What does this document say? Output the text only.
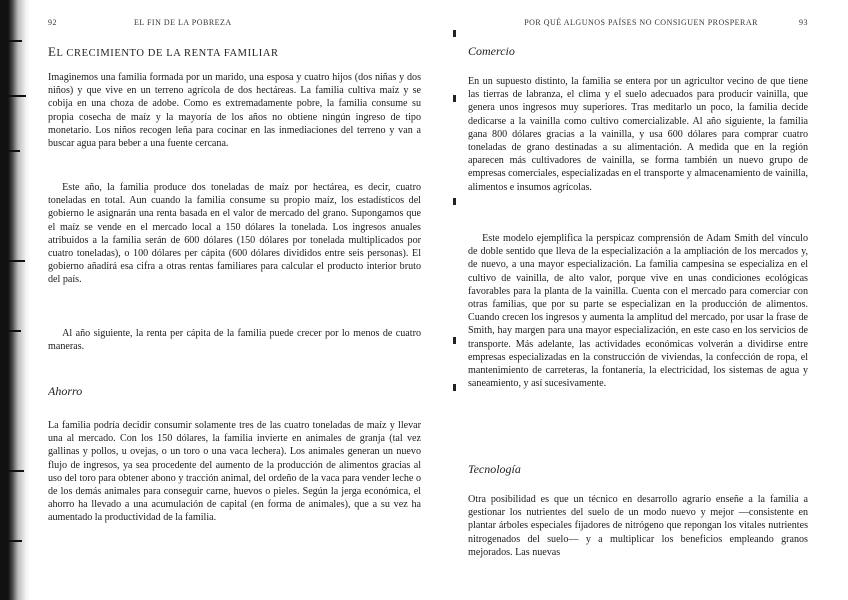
92	EL FIN DE LA POBREZA
EL CRECIMIENTO DE LA RENTA FAMILIAR

Imaginemos una familia formada por un marido, una esposa y cuatro hijos (dos niñas y dos niños) y que vive en un terreno agrícola de dos hectáreas. La familia cultiva maíz y se cobija en una choza de adobe. Como es extremadamente pobre, la familia consume su propia cosecha de maíz y la mayoría de los años no obtiene ningún ingreso de tipo monetario. Los niños recogen leña para cocinar en las inmediaciones del terreno y van a buscar agua para beber a una fuente cercana.

Este año, la familia produce dos toneladas de maíz por hectárea, es decir, cuatro toneladas en total. Aun cuando la familia consume su propio maíz, los estadísticos del gobierno le asignarán una renta basada en el valor de mercado del grano. Supongamos que el maíz se vende en el mercado local a 150 dólares la tonelada. Los ingresos anuales atribuidos a la familia serán de 600 dólares (150 dólares por tonelada multiplicados por cuatro toneladas), o 100 dólares per cápita (600 dólares divididos entre seis personas). El gobierno añadirá esa cifra a otras rentas familiares para calcular el producto interior bruto del país.

Al año siguiente, la renta per cápita de la familia puede crecer por lo menos de cuatro maneras.

Ahorro

La familia podría decidir consumir solamente tres de las cuatro toneladas de maíz y llevar una al mercado. Con los 150 dólares, la familia invierte en animales de granja (tal vez gallinas y pollos, u ovejas, o un toro o una vaca lechera). Los animales generan un nuevo flujo de ingresos, ya sea procedente del aumento de la producción de alimentos gracias al uso del toro para obtener abono y tracción animal, del ordeño de la vaca para vender leche o de los demás animales para conseguir carne, huevos o pieles. Según la jerga económica, el ahorro ha llevado a una acumulación de capital (en forma de animales), que a su vez ha aumentado la productividad de la familia.

POR QUÉ ALGUNOS PAÍSES NO CONSIGUEN PROSPERAR	93
Comercio

En un supuesto distinto, la familia se entera por un agricultor vecino de que tiene las tierras de labranza, el clima y el suelo adecuados para producir vainilla, que genera unos ingresos muy superiores. Tras meditarlo un poco, la familia decide dedicarse a la vainilla como cultivo comercializable. Al año siguiente, la familia gana 800 dólares gracias a la vainilla, y usa 600 dólares para comprar cuatro toneladas de grano destinadas a su alimentación. A medida que en la región aparecen más cultivadores de vainilla, se forma también un nuevo grupo de empresas comerciales, especializadas en el transporte y almacenamiento de vainilla, alimentos e insumos agrícolas.

Este modelo ejemplifica la perspicaz comprensión de Adam Smith del vínculo de doble sentido que lleva de la especialización a la ampliación de los mercados y, de nuevo, a una mayor especialización. La familia campesina se especializa en el cultivo de vainilla, de alto valor, porque vive en unas condiciones ecológicas favorables para la planta de la vainilla. Cuenta con el mercado para comerciar con otras familias, que por su parte se especializan en la producción de alimentos. Cuando crecen los ingresos y aumenta la amplitud del mercado, por usar la frase de Smith, hay margen para una mayor especialización, en este caso en los servicios de transporte. Más adelante, las actividades económicas volverán a dividirse entre empresas especializadas en la construcción de viviendas, la confección de ropa, el mantenimiento de carreteras, la fontanería, la electricidad, los sistemas de agua y saneamiento, y así sucesivamente.

Tecnología

Otra posibilidad es que un técnico en desarrollo agrario enseñe a la familia a gestionar los nutrientes del suelo de un modo nuevo y mejor —consistente en plantar árboles especiales fijadores de nitrógeno que repongan los vitales nutrientes nitrogenados del suelo— y a multiplicar los beneficios empleando granos mejorados. Las nuevas
